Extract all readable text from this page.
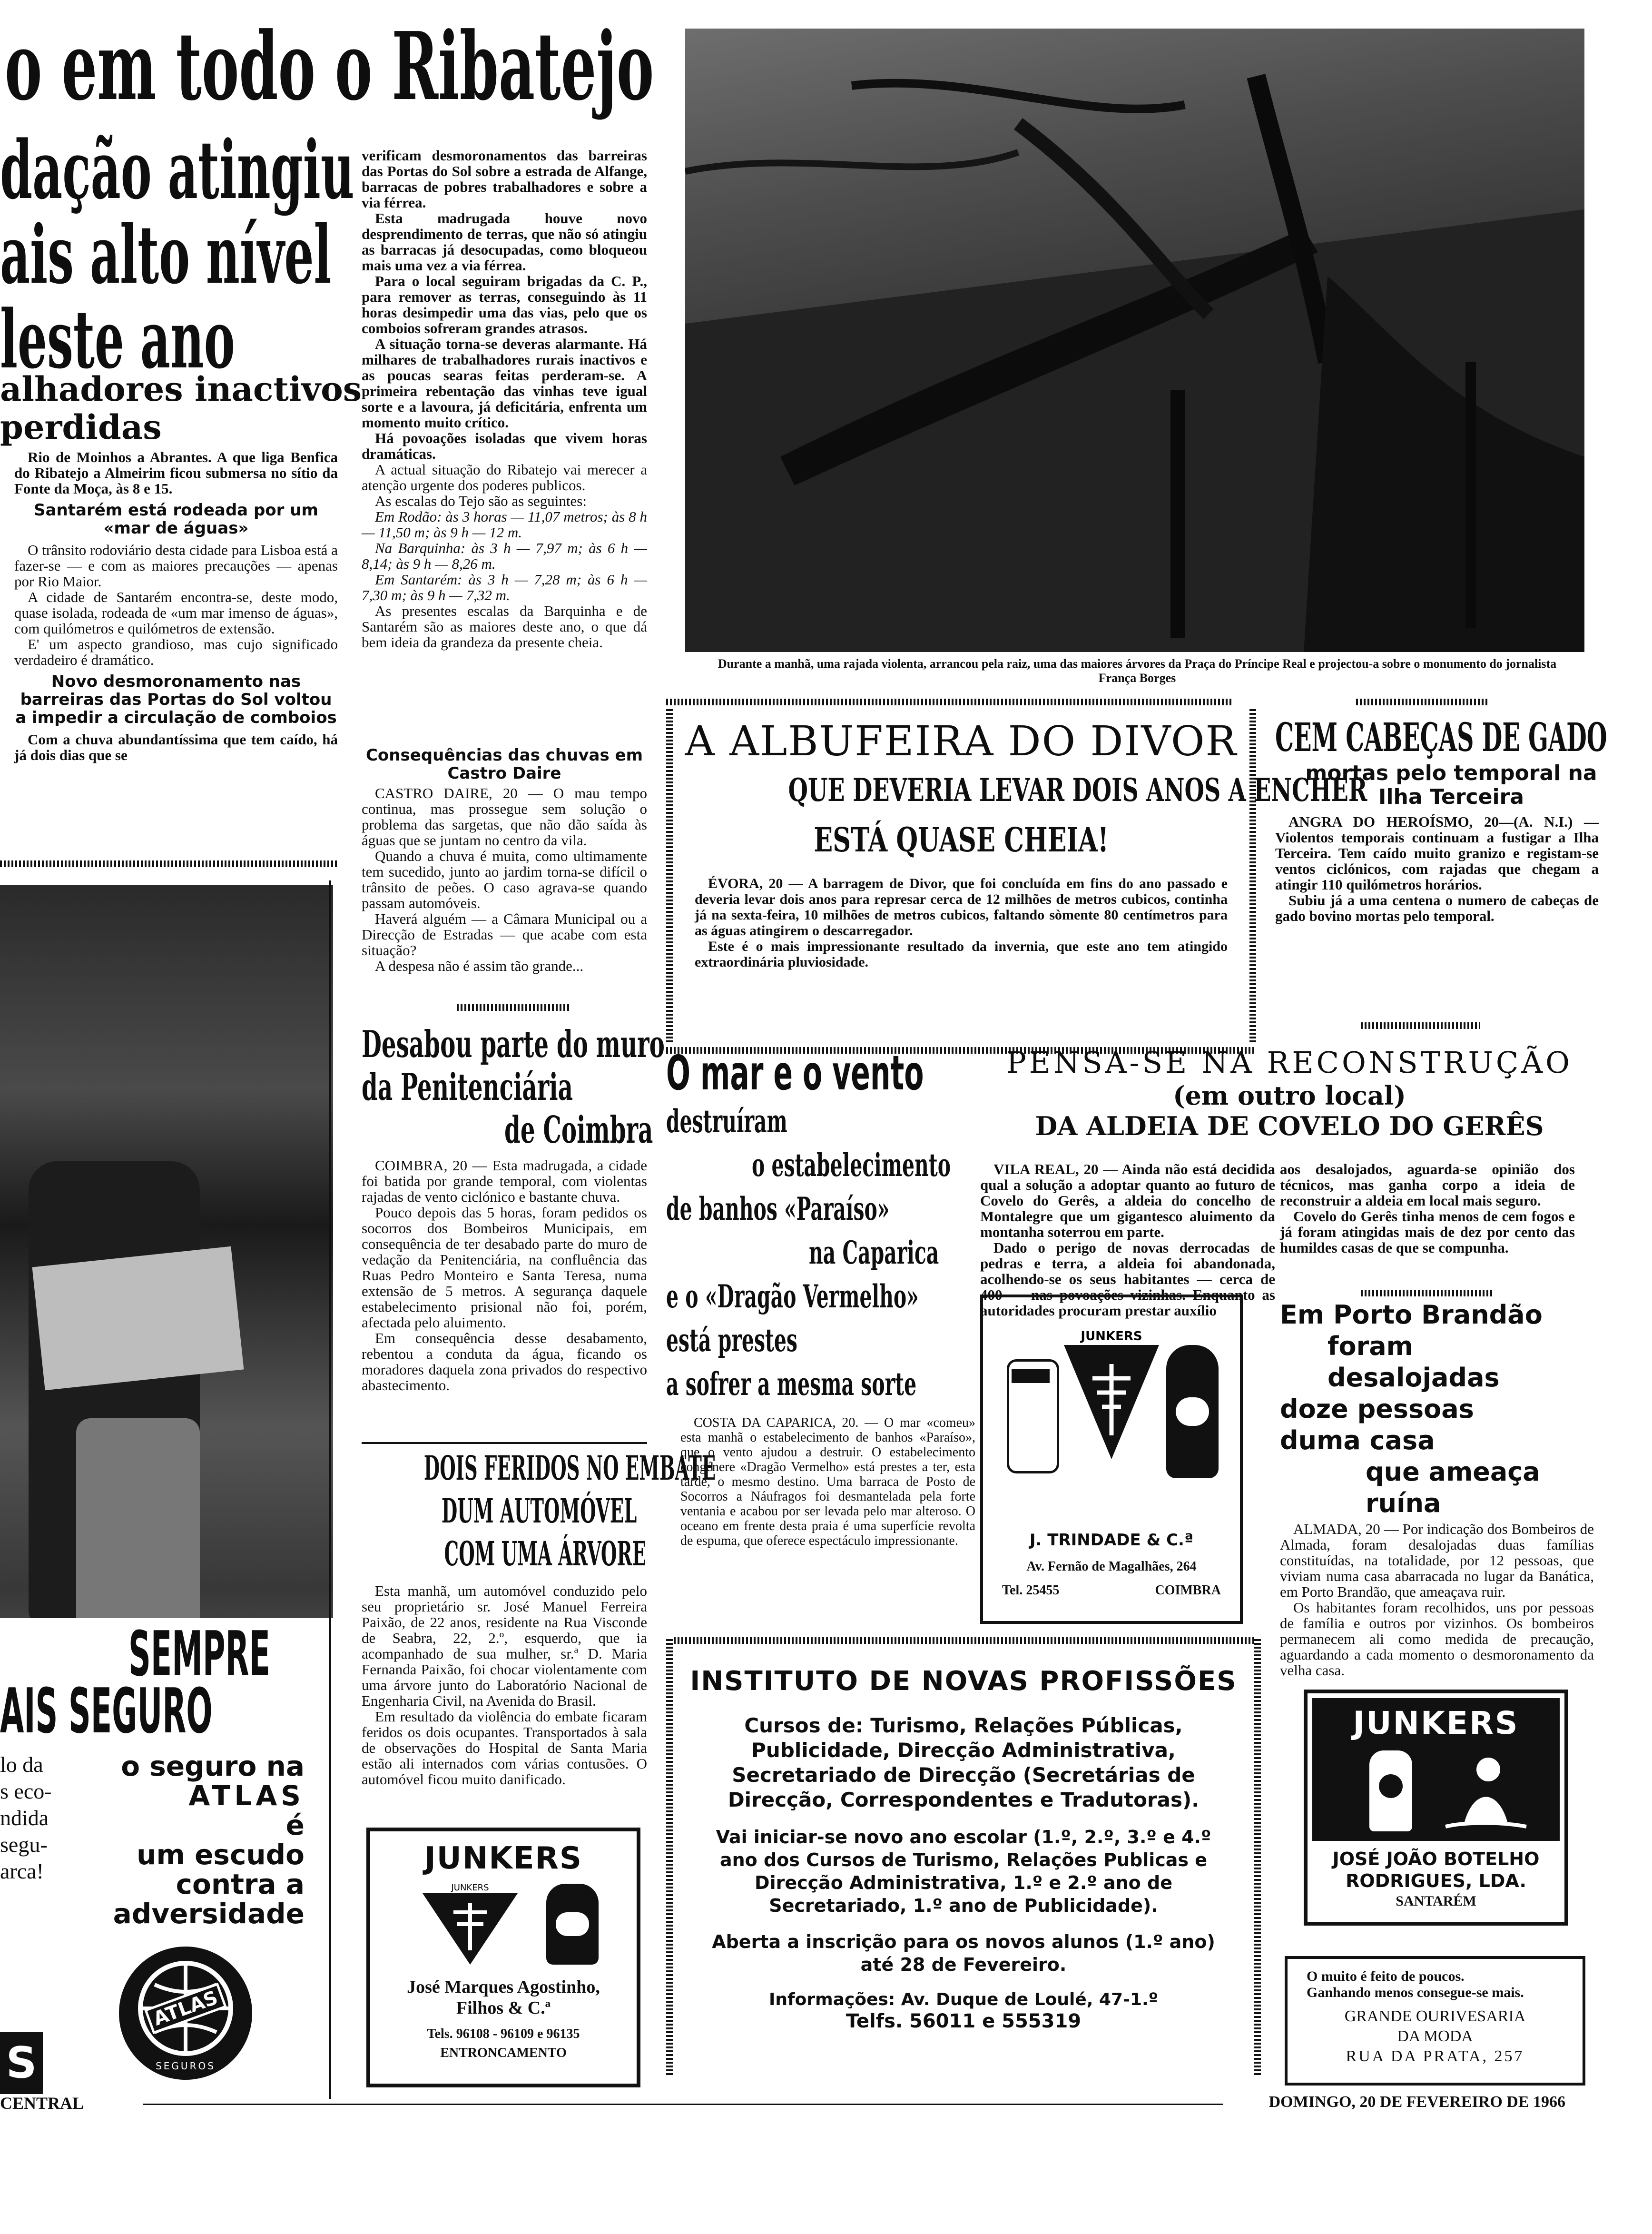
o em todo o Ribatejo
dação atingiu
ais alto nível
leste ano
alhadores inactivos
perdidas

Rio de Moinhos a Abrantes. A que liga Benfica do Ribatejo a Almeirim ficou submersa no sítio da Fonte da Moça, às 8 e 15.

Santarém está rodeada por um «mar de águas»

O trânsito rodoviário desta cidade para Lisboa está a fazer-se — e com as maiores precauções — apenas por Rio Maior.

A cidade de Santarém encontra-se, deste modo, quase isolada, rodeada de «um mar imenso de águas», com quilómetros e quilómetros de extensão.

E' um aspecto grandioso, mas cujo significado verdadeiro é dramático.

Novo desmoronamento nas barreiras das Portas do Sol voltou a impedir a circulação de comboios

Com a chuva abundantíssima que tem caído, há já dois dias que se

verificam desmoronamentos das barreiras das Portas do Sol sobre a estrada de Alfange, barracas de pobres trabalhadores e sobre a via férrea.

Esta madrugada houve novo desprendimento de terras, que não só atingiu as barracas já desocupadas, como bloqueou mais uma vez a via férrea.

Para o local seguiram brigadas da C. P., para remover as terras, conseguindo às 11 horas desimpedir uma das vias, pelo que os comboios sofreram grandes atrasos.

A situação torna-se deveras alarmante. Há milhares de trabalhadores rurais inactivos e as poucas searas feitas perderam-se. A primeira rebentação das vinhas teve igual sorte e a lavoura, já deficitária, enfrenta um momento muito crítico.

Há povoações isoladas que vivem horas dramáticas.

A actual situação do Ribatejo vai merecer a atenção urgente dos poderes publicos.

As escalas do Tejo são as seguintes:

Em Rodão: às 3 horas — 11,07 metros; às 8 h — 11,50 m; às 9 h — 12 m.

Na Barquinha: às 3 h — 7,97 m; às 6 h — 8,14; às 9 h — 8,26 m.

Em Santarém: às 3 h — 7,28 m; às 6 h — 7,30 m; às 9 h — 7,32 m.

As presentes escalas da Barquinha e de Santarém são as maiores deste ano, o que dá bem ideia da grandeza da presente cheia.

Consequências das chuvas em Castro Daire

CASTRO DAIRE, 20 — O mau tempo continua, mas prossegue sem solução o problema das sargetas, que não dão saída às águas que se juntam no centro da vila.

Quando a chuva é muita, como ultimamente tem sucedido, junto ao jardim torna-se difícil o trânsito de peões. O caso agrava-se quando passam automóveis.

Haverá alguém — a Câmara Municipal ou a Direcção de Estradas — que acabe com esta situação?

A despesa não é assim tão grande...

Desabou parte do muro
da Penitenciária
de Coimbra

COIMBRA, 20 — Esta madrugada, a cidade foi batida por grande temporal, com violentas rajadas de vento ciclónico e bastante chuva.

Pouco depois das 5 horas, foram pedidos os socorros dos Bombeiros Municipais, em consequência de ter desabado parte do muro de vedação da Penitenciária, na confluência das Ruas Pedro Monteiro e Santa Teresa, numa extensão de 5 metros. A segurança daquele estabelecimento prisional não foi, porém, afectada pelo aluimento.

Em consequência desse desabamento, rebentou a conduta da água, ficando os moradores daquela zona privados do respectivo abastecimento.

DOIS FERIDOS NO EMBATE
DUM AUTOMÓVEL
COM UMA ÁRVORE

Esta manhã, um automóvel conduzido pelo seu proprietário sr. José Manuel Ferreira Paixão, de 22 anos, residente na Rua Visconde de Seabra, 22, 2.º, esquerdo, que ia acompanhado de sua mulher, sr.ª D. Maria Fernanda Paixão, foi chocar violentamente com uma árvore junto do Laboratório Nacional de Engenharia Civil, na Avenida do Brasil.

Em resultado da violência do embate ficaram feridos os dois ocupantes. Transportados à sala de observações do Hospital de Santa Maria estão ali internados com várias contusões. O automóvel ficou muito danificado.

SEMPRE
AIS SEGURO
lo da
s eco-
ndida
segu-
arca!
o seguro na
ATLAS
é
um escudo
contra a
adversidade
ATLAS
SEGUROS
S
Durante a manhã, uma rajada violenta, arrancou pela raiz, uma das maiores árvores da Praça do Príncipe Real e projectou-a sobre o monumento do jornalista França Borges
A ALBUFEIRA DO DIVOR
QUE DEVERIA LEVAR DOIS ANOS A ENCHER
ESTÁ QUASE CHEIA!

ÉVORA, 20 — A barragem de Divor, que foi concluída em fins do ano passado e deveria levar dois anos para represar cerca de 12 milhões de metros cubicos, continha já na sexta-feira, 10 milhões de metros cubicos, faltando sòmente 80 centímetros para as águas atingirem o descarregador.

Este é o mais impressionante resultado da invernia, que este ano tem atingido extraordinária pluviosidade.

CEM CABEÇAS DE GADO
mortas pelo temporal na Ilha Terceira

ANGRA DO HEROÍSMO, 20—(A. N.I.) — Violentos temporais continuam a fustigar a Ilha Terceira. Tem caído muito granizo e registam-se ventos ciclónicos, com rajadas que chegam a atingir 110 quilómetros horários.

Subiu já a uma centena o numero de cabeças de gado bovino mortas pelo temporal.

O mar e o vento
destruíram
o estabelecimento
de banhos «Paraíso»
na Caparica
e o «Dragão Vermelho»
está prestes
a sofrer a mesma sorte

COSTA DA CAPARICA, 20. — O mar «comeu» esta manhã o estabelecimento de banhos «Paraíso», que o vento ajudou a destruir. O estabelecimento congénere «Dragão Vermelho» está prestes a ter, esta tarde, o mesmo destino. Uma barraca de Posto de Socorros a Náufragos foi desmantelada pela forte ventania e acabou por ser levada pelo mar alteroso. O oceano em frente desta praia é uma superfície revolta de espuma, que oferece espectáculo impressionante.

PENSA-SE NA RECONSTRUÇÃO
(em outro local)
DA ALDEIA DE COVELO DO GERÊS

VILA REAL, 20 — Ainda não está decidida qual a solução a adoptar quanto ao futuro de Covelo do Gerês, a aldeia do concelho de Montalegre que um gigantesco aluimento da montanha soterrou em parte.

Dado o perigo de novas derrocadas de pedras e terra, a aldeia foi abandonada, acolhendo-se os seus habitantes — cerca de 400 — nas povoações vizinhas. Enquanto as autoridades procuram prestar auxílio

aos desalojados, aguarda-se opinião dos técnicos, mas ganha corpo a ideia de reconstruir a aldeia em local mais seguro.

Covelo do Gerês tinha menos de cem fogos e já foram atingidas mais de dez por cento das humildes casas de que se compunha.

Em Porto Brandão
foram desalojadas
doze pessoas
duma casa
que ameaça ruína

ALMADA, 20 — Por indicação dos Bombeiros de Almada, foram desalojadas duas famílias constituídas, na totalidade, por 12 pessoas, que viviam numa casa abarracada no lugar da Banática, em Porto Brandão, que ameaçava ruir.

Os habitantes foram recolhidos, uns por pessoas de família e outros por vizinhos. Os bombeiros permanecem ali como medida de precaução, aguardando a cada momento o desmoronamento da velha casa.

JUNKERS
J. TRINDADE & C.ª
Av. Fernão de Magalhães, 264
Tel. 25455	COIMBRA
JUNKERS
JUNKERS
José Marques Agostinho,
Filhos & C.ª
Tels. 96108 - 96109 e 96135
ENTRONCAMENTO
INSTITUTO DE NOVAS PROFISSÕES
Cursos de: Turismo, Relações Públicas, Publicidade, Direcção Administrativa, Secretariado de Direcção (Secretárias de Direcção, Correspondentes e Tradutoras).
Vai iniciar-se novo ano escolar (1.º, 2.º, 3.º e 4.º ano dos Cursos de Turismo, Relações Publicas e Direcção Administrativa, 1.º e 2.º ano de Secretariado, 1.º ano de Publicidade).
Aberta a inscrição para os novos alunos (1.º ano) até 28 de Fevereiro.
Informações: Av. Duque de Loulé, 47-1.º
Telfs. 56011 e 555319
JUNKERS
JOSÉ JOÃO BOTELHO
RODRIGUES, LDA.
SANTARÉM
O muito é feito de poucos.
Ganhando menos consegue-se mais.
GRANDE OURIVESARIA
DA MODA
RUA DA PRATA, 257
CENTRAL	DOMINGO, 20 DE FEVEREIRO DE 1966
